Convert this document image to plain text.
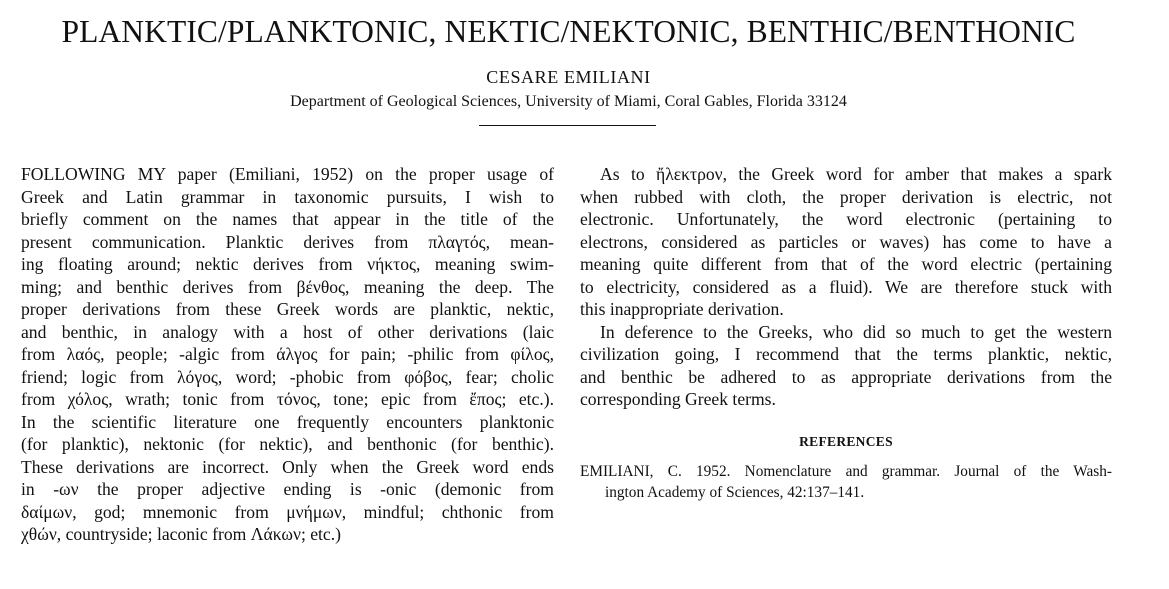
PLANKTIC/PLANKTONIC, NEKTIC/NEKTONIC, BENTHIC/BENTHONIC
CESARE EMILIANI
Department of Geological Sciences, University of Miami, Coral Gables, Florida 33124
FOLLOWING MY paper (Emiliani, 1952) on the proper usage of
Greek and Latin grammar in taxonomic pursuits, I wish to
briefly comment on the names that appear in the title of the
present communication. Planktic derives from πλαγτός, mean-
ing floating around; nektic derives from νήκτος, meaning swim-
ming; and benthic derives from βένθος, meaning the deep. The
proper derivations from these Greek words are planktic, nektic,
and benthic, in analogy with a host of other derivations (laic
from λαός, people; -algic from άλγος for pain; -philic from φίλος,
friend; logic from λόγος, word; -phobic from φόβος, fear; cholic
from χόλος, wrath; tonic from τόνος, tone; epic from ἔπος; etc.).
In the scientific literature one frequently encounters planktonic
(for planktic), nektonic (for nektic), and benthonic (for benthic).
These derivations are incorrect. Only when the Greek word ends
in -ων the proper adjective ending is -onic (demonic from
δαίμων, god; mnemonic from μνήμων, mindful; chthonic from
χθών, countryside; laconic from Λάκων; etc.)
As to ἤλεκτρον, the Greek word for amber that makes a spark
when rubbed with cloth, the proper derivation is electric, not
electronic. Unfortunately, the word electronic (pertaining to
electrons, considered as particles or waves) has come to have a
meaning quite different from that of the word electric (pertaining
to electricity, considered as a fluid). We are therefore stuck with
this inappropriate derivation.
In deference to the Greeks, who did so much to get the western
civilization going, I recommend that the terms planktic, nektic,
and benthic be adhered to as appropriate derivations from the
corresponding Greek terms.
REFERENCES
EMILIANI, C. 1952. Nomenclature and grammar. Journal of the Wash-
ington Academy of Sciences, 42:137–141.
